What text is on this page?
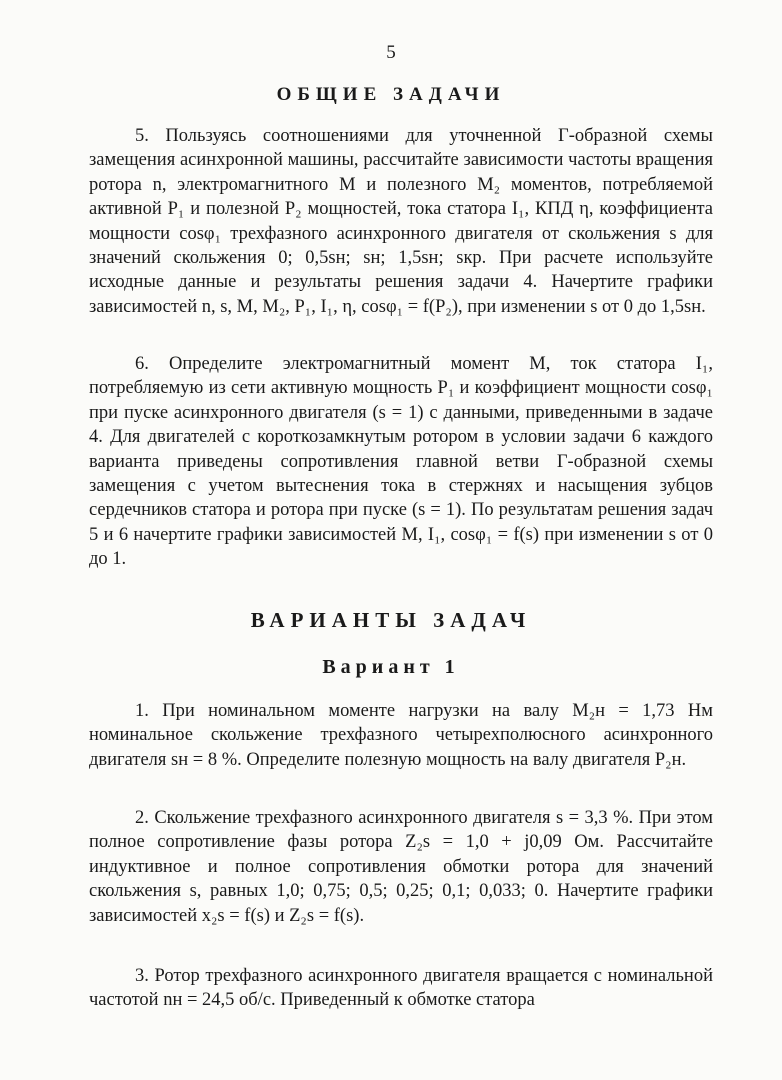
5
ОБЩИЕ ЗАДАЧИ
5. Пользуясь соотношениями для уточненной Г-образной схемы замещения асинхронной машины, рассчитайте зависимости частоты вращения ротора n, электромагнитного M и полезного M₂ моментов, потребляемой активной P₁ и полезной P₂ мощностей, тока статора I₁, КПД η, коэффициента мощности cosφ₁ трехфазного асинхронного двигателя от скольжения s для значений скольжения 0; 0,5sн; sн; 1,5sн; sкр. При расчете используйте исходные данные и результаты решения задачи 4. Начертите графики зависимостей n, s, M, M₂, P₁, I₁, η, cosφ₁ = f(P₂), при изменении s от 0 до 1,5sн.
6. Определите электромагнитный момент M, ток статора I₁, потребляемую из сети активную мощность P₁ и коэффициент мощности cosφ₁ при пуске асинхронного двигателя (s = 1) с данными, приведенными в задаче 4. Для двигателей с короткозамкнутым ротором в условии задачи 6 каждого варианта приведены сопротивления главной ветви Г-образной схемы замещения с учетом вытеснения тока в стержнях и насыщения зубцов сердечников статора и ротора при пуске (s = 1). По результатам решения задач 5 и 6 начертите графики зависимостей M, I₁, cosφ₁ = f(s) при изменении s от 0 до 1.
ВАРИАНТЫ ЗАДАЧ
Вариант 1
1. При номинальном моменте нагрузки на валу M₂н = 1,73 Нм номинальное скольжение трехфазного четырехполюсного асинхронного двигателя sн = 8 %. Определите полезную мощность на валу двигателя P₂н.
2. Скольжение трехфазного асинхронного двигателя s = 3,3 %. При этом полное сопротивление фазы ротора Z₂s = 1,0 + j0,09 Ом. Рассчитайте индуктивное и полное сопротивления обмотки ротора для значений скольжения s, равных 1,0; 0,75; 0,5; 0,25; 0,1; 0,033; 0. Начертите графики зависимостей x₂s = f(s) и Z₂s = f(s).
3. Ротор трехфазного асинхронного двигателя вращается с номинальной частотой nн = 24,5 об/с. Приведенный к обмотке статора
